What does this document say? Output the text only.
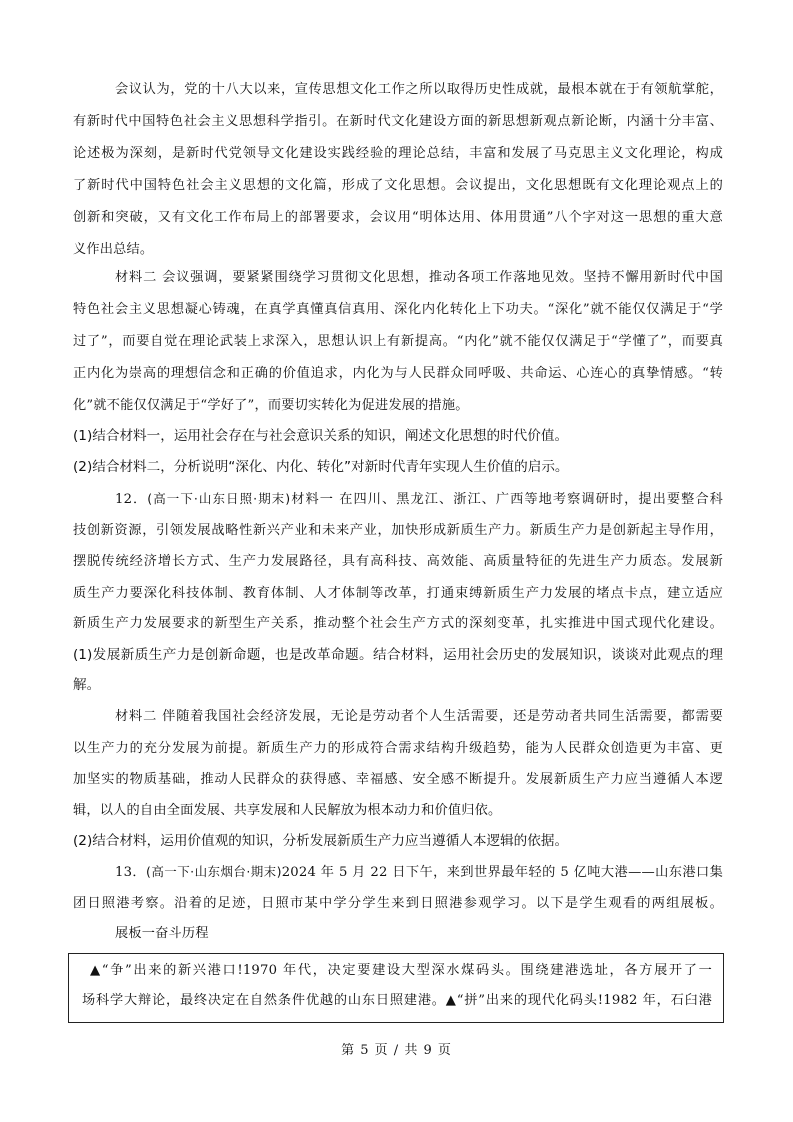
会议认为，党的十八大以来，宣传思想文化工作之所以取得历史性成就，最根本就在于有领航掌舵，
有新时代中国特色社会主义思想科学指引。在新时代文化建设方面的新思想新观点新论断，内涵十分丰富、
论述极为深刻，是新时代党领导文化建设实践经验的理论总结，丰富和发展了马克思主义文化理论，构成
了新时代中国特色社会主义思想的文化篇，形成了文化思想。会议提出，文化思想既有文化理论观点上的
创新和突破，又有文化工作布局上的部署要求，会议用“明体达用、体用贯通”八个字对这一思想的重大意
义作出总结。
材料二 会议强调，要紧紧围绕学习贯彻文化思想，推动各项工作落地见效。坚持不懈用新时代中国
特色社会主义思想凝心铸魂，在真学真懂真信真用、深化内化转化上下功夫。“深化”就不能仅仅满足于“学
过了”，而要自觉在理论武装上求深入，思想认识上有新提高。“内化”就不能仅仅满足于“学懂了”，而要真
正内化为崇高的理想信念和正确的价值追求，内化为与人民群众同呼吸、共命运、心连心的真挚情感。“转
化”就不能仅仅满足于“学好了”，而要切实转化为促进发展的措施。
(1)结合材料一，运用社会存在与社会意识关系的知识，阐述文化思想的时代价值。
(2)结合材料二，分析说明“深化、内化、转化”对新时代青年实现人生价值的启示。
12．(高一下·山东日照·期末)材料一 在四川、黑龙江、浙江、广西等地考察调研时，提出要整合科
技创新资源，引领发展战略性新兴产业和未来产业，加快形成新质生产力。新质生产力是创新起主导作用，
摆脱传统经济增长方式、生产力发展路径，具有高科技、高效能、高质量特征的先进生产力质态。发展新
质生产力要深化科技体制、教育体制、人才体制等改革，打通束缚新质生产力发展的堵点卡点，建立适应
新质生产力发展要求的新型生产关系，推动整个社会生产方式的深刻变革，扎实推进中国式现代化建设。
(1)发展新质生产力是创新命题，也是改革命题。结合材料，运用社会历史的发展知识，谈谈对此观点的理
解。
材料二 伴随着我国社会经济发展，无论是劳动者个人生活需要，还是劳动者共同生活需要，都需要
以生产力的充分发展为前提。新质生产力的形成符合需求结构升级趋势，能为人民群众创造更为丰富、更
加坚实的物质基础，推动人民群众的获得感、幸福感、安全感不断提升。发展新质生产力应当遵循人本逻
辑，以人的自由全面发展、共享发展和人民解放为根本动力和价值归依。
(2)结合材料，运用价值观的知识，分析发展新质生产力应当遵循人本逻辑的依据。
13．(高一下·山东烟台·期末)2024 年 5 月 22 日下午，来到世界最年轻的 5 亿吨大港——山东港口集
团日照港考察。沿着的足迹，日照市某中学分学生来到日照港参观学习。以下是学生观看的两组展板。
展板一奋斗历程
▲“争”出来的新兴港口!1970 年代，决定要建设大型深水煤码头。围绕建港选址，各方展开了一
场科学大辩论，最终决定在自然条件优越的山东日照建港。▲“拼”出来的现代化码头!1982 年，石臼港
第 5 页 / 共 9 页
